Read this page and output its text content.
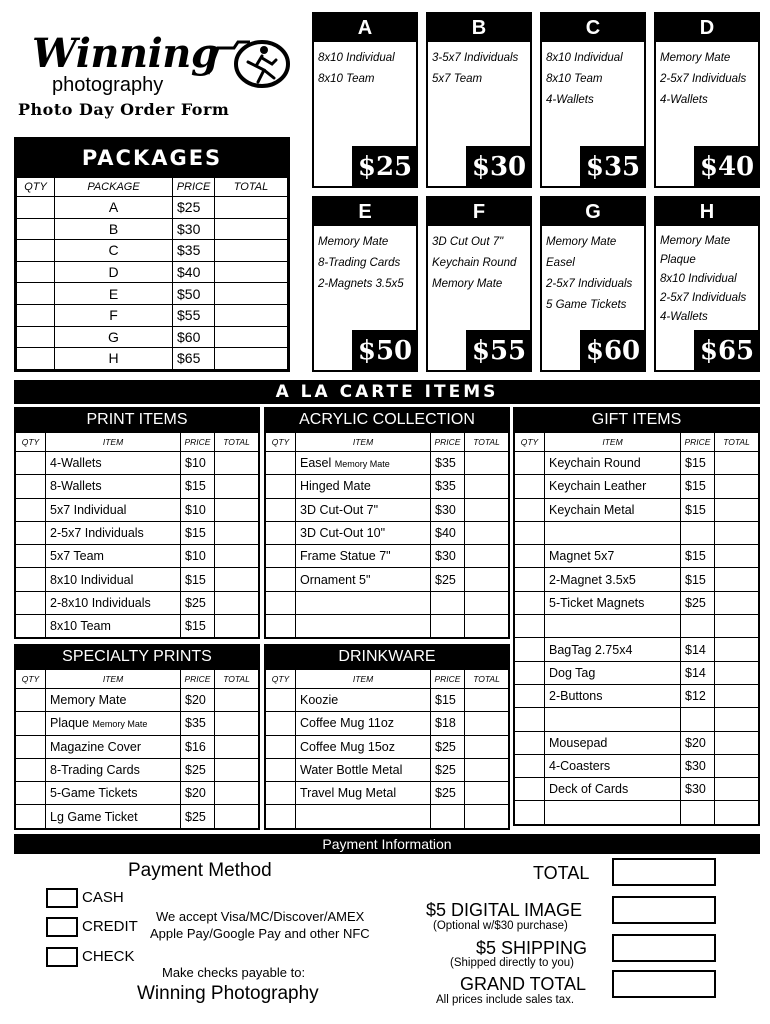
Winning
photography
Photo Day Order Form
PACKAGES
QTY	PACKAGE	PRICE	TOTAL
	A	$25	
	B	$30	
	C	$35	
	D	$40	
	E	$50	
	F	$55	
	G	$60	
	H	$65	
A
8x10 Individual
8x10 Team
$25
B
3-5x7 Individuals
5x7 Team
$30
C
8x10 Individual
8x10 Team
4-Wallets
$35
D
Memory Mate
2-5x7 Individuals
4-Wallets
$40
E
Memory Mate
8-Trading Cards
2-Magnets 3.5x5
$50
F
3D Cut Out 7"
Keychain Round
Memory Mate
$55
G
Memory Mate Easel
2-5x7 Individuals
5 Game Tickets
$60
H
Memory Mate Plaque
8x10 Individual
2-5x7 Individuals
4-Wallets
$65
A LA CARTE ITEMS
PRINT ITEMS
QTY	ITEM	PRICE	TOTAL
	4-Wallets	$10	
	8-Wallets	$15	
	5x7 Individual	$10	
	2-5x7 Individuals	$15	
	5x7 Team	$10	
	8x10 Individual	$15	
	2-8x10 Individuals	$25	
	8x10 Team	$15	
SPECIALTY PRINTS
QTY	ITEM	PRICE	TOTAL
	Memory Mate	$20	
	Plaque Memory Mate	$35	
	Magazine Cover	$16	
	8-Trading Cards	$25	
	5-Game Tickets	$20	
	Lg Game Ticket	$25	
ACRYLIC COLLECTION
QTY	ITEM	PRICE	TOTAL
	Easel Memory Mate	$35	
	Hinged Mate	$35	
	3D Cut-Out 7"	$30	
	3D Cut-Out 10"	$40	
	Frame Statue 7"	$30	
	Ornament 5"	$25	

DRINKWARE
QTY	ITEM	PRICE	TOTAL
	Koozie	$15	
	Coffee Mug 11oz	$18	
	Coffee Mug 15oz	$25	
	Water Bottle Metal	$25	
	Travel Mug Metal	$25	

GIFT ITEMS
QTY	ITEM	PRICE	TOTAL
	Keychain Round	$15	
	Keychain Leather	$15	
	Keychain Metal	$15	

	Magnet 5x7	$15	
	2-Magnet 3.5x5	$15	
	5-Ticket Magnets	$25	

	BagTag 2.75x4	$14	
	Dog Tag	$14	
	2-Buttons	$12	

	Mousepad	$20	
	4-Coasters	$30	
	Deck of Cards	$30	

Payment Information
Payment Method
CASH
CREDIT
CHECK
We accept Visa/MC/Discover/AMEX
Apple Pay/Google Pay and other NFC
Make checks payable to:
Winning Photography
TOTAL
$5 DIGITAL IMAGE
(Optional w/$30 purchase)
$5 SHIPPING
(Shipped directly to you)
GRAND TOTAL
All prices include sales tax.
